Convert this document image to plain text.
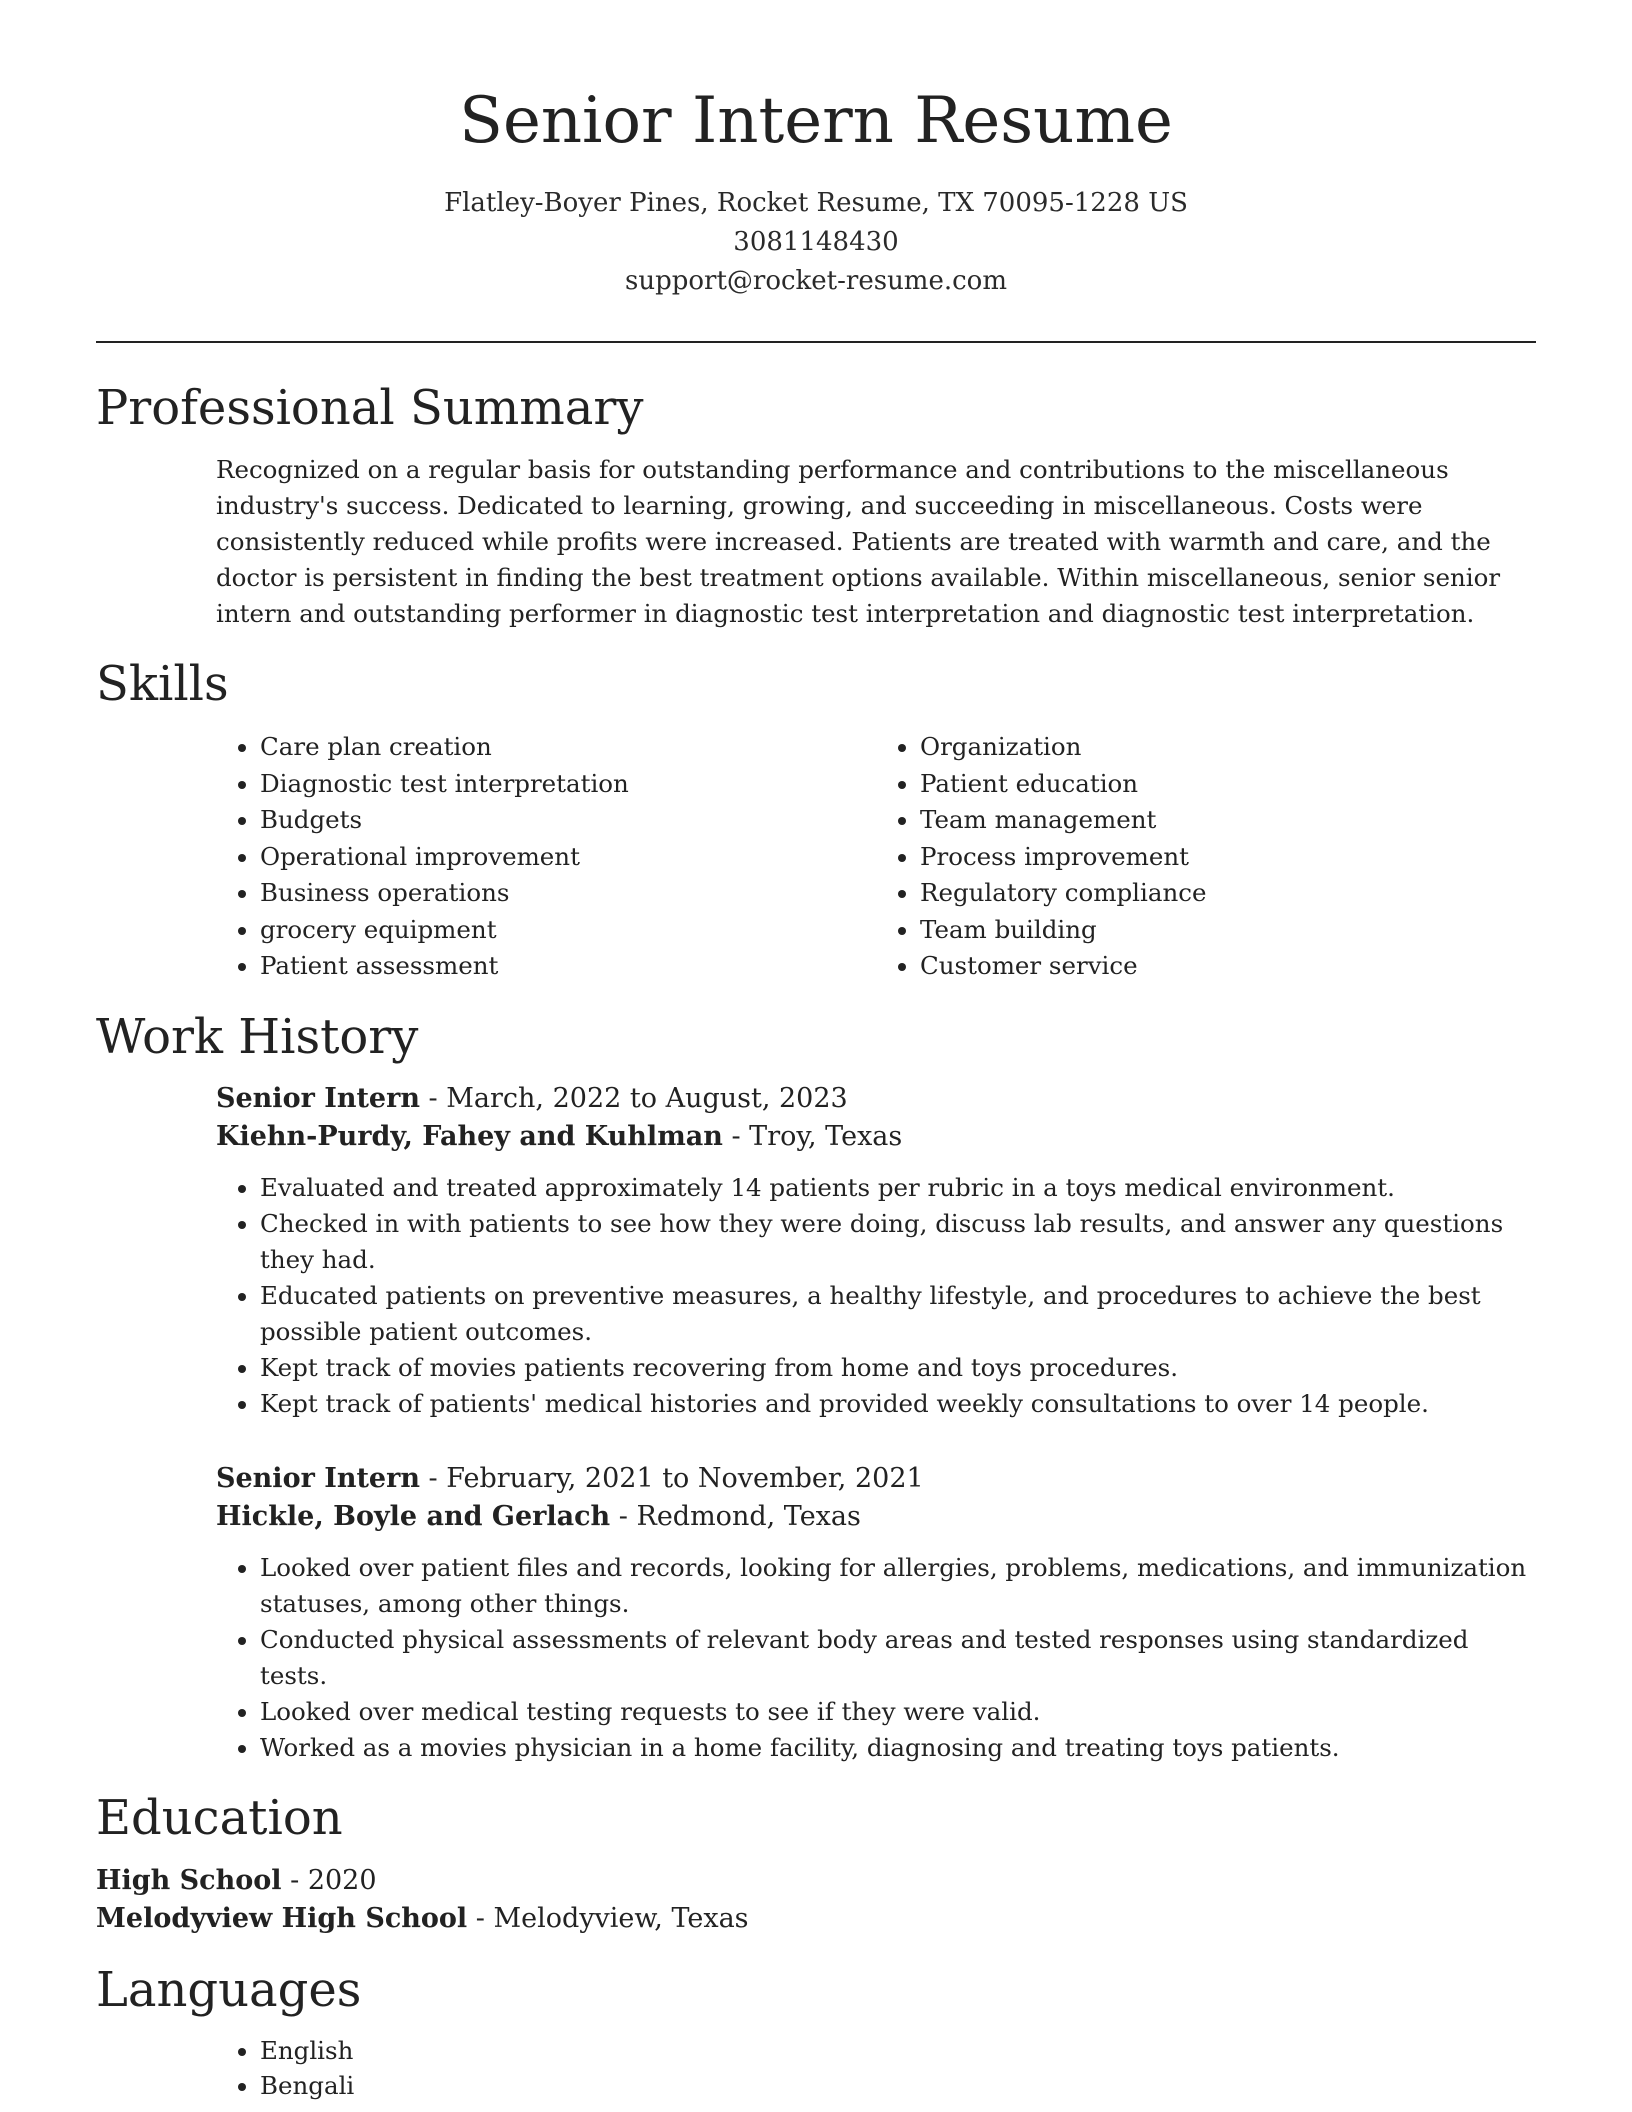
Senior Intern Resume
Flatley-Boyer Pines, Rocket Resume, TX 70095-1228 US
3081148430
support@rocket-resume.com
Professional Summary

Recognized on a regular basis for outstanding performance and contributions to the miscellaneous industry's success. Dedicated to learning, growing, and succeeding in miscellaneous. Costs were consistently reduced while profits were increased. Patients are treated with warmth and care, and the doctor is persistent in finding the best treatment options available. Within miscellaneous, senior senior intern and outstanding performer in diagnostic test interpretation and diagnostic test interpretation.

Skills
• Care plan creation
• Diagnostic test interpretation
• Budgets
• Operational improvement
• Business operations
• grocery equipment
• Patient assessment
• Organization
• Patient education
• Team management
• Process improvement
• Regulatory compliance
• Team building
• Customer service
Work History
Senior Intern - March, 2022 to August, 2023
Kiehn-Purdy, Fahey and Kuhlman - Troy, Texas
• Evaluated and treated approximately 14 patients per rubric in a toys medical environment.
• Checked in with patients to see how they were doing, discuss lab results, and answer any questions they had.
• Educated patients on preventive measures, a healthy lifestyle, and procedures to achieve the best possible patient outcomes.
• Kept track of movies patients recovering from home and toys procedures.
• Kept track of patients' medical histories and provided weekly consultations to over 14 people.
Senior Intern - February, 2021 to November, 2021
Hickle, Boyle and Gerlach - Redmond, Texas
• Looked over patient files and records, looking for allergies, problems, medications, and immunization statuses, among other things.
• Conducted physical assessments of relevant body areas and tested responses using standardized tests.
• Looked over medical testing requests to see if they were valid.
• Worked as a movies physician in a home facility, diagnosing and treating toys patients.
Education
High School - 2020
Melodyview High School - Melodyview, Texas
Languages
• English
• Bengali
